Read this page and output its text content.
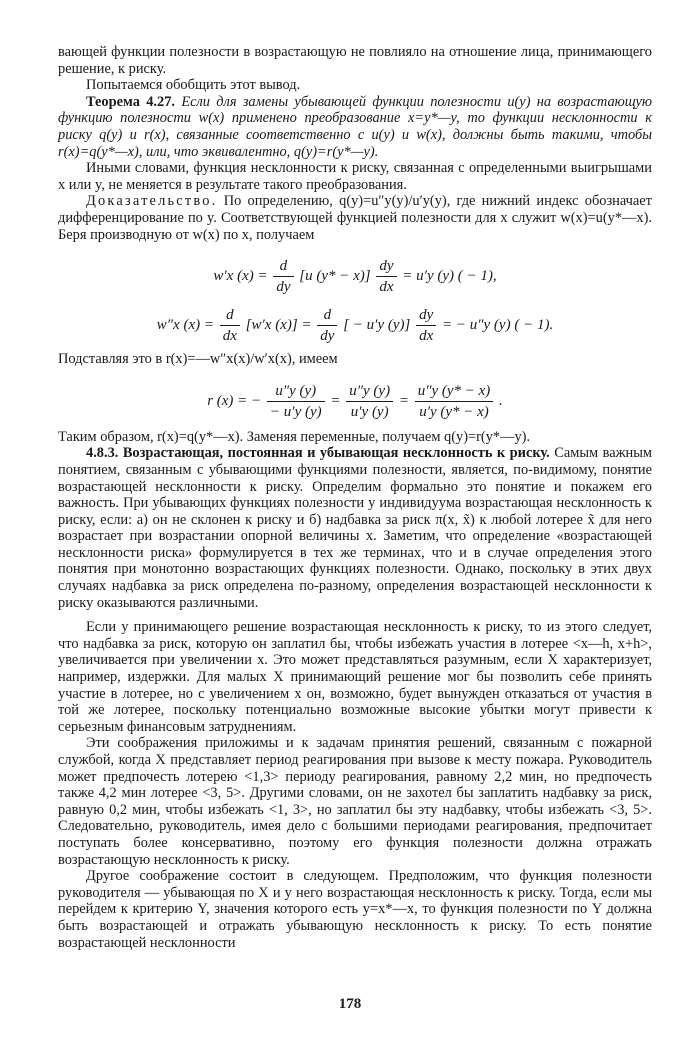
вающей функции полезности в возрастающую не повлияло на отношение лица, принимающего решение, к риску.

Попытаемся обобщить этот вывод.

Теорема 4.27. Если для замены убывающей функции полезности u(y) на возрастающую функцию полезности w(x) применено преобразование x=y*—y, то функции несклонности к риску q(y) и r(x), связанные соответственно с u(y) и w(x), должны быть такими, чтобы r(x)=q(y*—x), или, что эквивалентно, q(y)=r(y*—y).

Иными словами, функция несклонности к риску, связанная с определенными выигрышами x или y, не меняется в результате такого преобразования.

Доказательство. По определению, q(y)=u″y(y)/u′y(y), где нижний индекс обозначает дифференцирование по y. Соответствующей функцией полезности для x служит w(x)=u(y*—x). Беря производную от w(x) по x, получаем

w′x $(x) = \frac{d}{dy} [u$ $(y* - x)] \frac{dy}{dx} = u'y$ (y) ( − 1),
w″x $(x) = \frac{d}{dx} [w'x$ $(x)] = \frac{d}{dy}$ [ − u′y $(y)] \frac{dy}{dx}$ = − u″y (y) ( − 1).

Подставляя это в r(x)=—w″x(x)/w′x(x), имеем

r (x) = − $\frac{u''y (y)}{- u'y (y)} = \frac{u''y (y)}{u'y (y)} = \frac{u''y (y* - x)}{u'y (y* - x)}$ .

Таким образом, r(x)=q(y*—x). Заменяя переменные, получаем q(y)=r(y*—y).

4.8.3. Возрастающая, постоянная и убывающая несклонность к риску. Самым важным понятием, связанным с убывающими функциями полезности, является, по-видимому, понятие возрастающей несклонности к риску. Определим формально это понятие и покажем его важность. При убывающих функциях полезности у индивидуума возрастающая несклонность к риску, если: а) он не склонен к риску и б) надбавка за риск π(x, x̃) к любой лотерее x̃ для него возрастает при возрастании опорной величины x. Заметим, что определение «возрастающей несклонности риска» формулируется в тех же терминах, что и в случае определения этого понятия при монотонно возрастающих функциях полезности. Однако, поскольку в этих двух случаях надбавка за риск определена по-разному, определения возрастающей несклонности к риску оказываются различными.

Если у принимающего решение возрастающая несклонность к риску, то из этого следует, что надбавка за риск, которую он заплатил бы, чтобы избежать участия в лотерее <x—h, x+h>, увеличивается при увеличении x. Это может представляться разумным, если X характеризует, например, издержки. Для малых X принимающий решение мог бы позволить себе принять участие в лотерее, но с увеличением x он, возможно, будет вынужден отказаться от участия в той же лотерее, поскольку потенциально возможные высокие убытки могут привести к серьезным финансовым затруднениям.

Эти соображения приложимы и к задачам принятия решений, связанным с пожарной службой, когда X представляет период реагирования при вызове к месту пожара. Руководитель может предпочесть лотерею <1,3> периоду реагирования, равному 2,2 мин, но предпочесть также 4,2 мин лотерее <3, 5>. Другими словами, он не захотел бы заплатить надбавку за риск, равную 0,2 мин, чтобы избежать <1, 3>, но заплатил бы эту надбавку, чтобы избежать <3, 5>. Следовательно, руководитель, имея дело с большими периодами реагирования, предпочитает поступать более консервативно, поэтому его функция полезности должна отражать возрастающую несклонность к риску.

Другое соображение состоит в следующем. Предположим, что функция полезности руководителя — убывающая по X и у него возрастающая несклонность к риску. Тогда, если мы перейдем к критерию Y, значения которого есть y=x*—x, то функция полезности по Y должна быть возрастающей и отражать убывающую несклонность к риску. То есть понятие возрастающей несклонности

178
